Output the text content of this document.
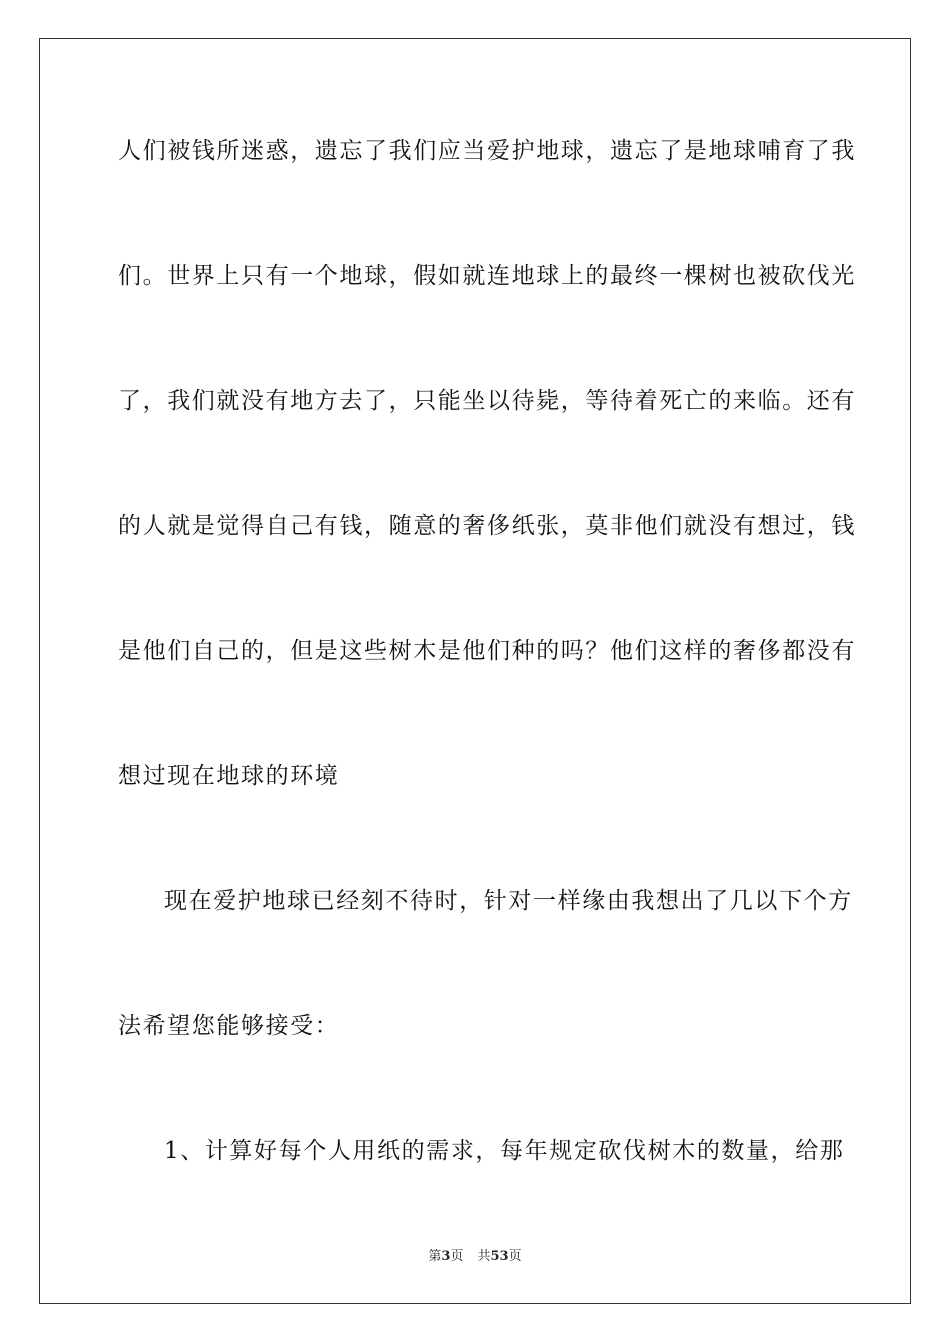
人们被钱所迷惑，遗忘了我们应当爱护地球，遗忘了是地球哺育了我
们。世界上只有一个地球，假如就连地球上的最终一棵树也被砍伐光
了，我们就没有地方去了，只能坐以待毙，等待着死亡的来临。还有
的人就是觉得自己有钱，随意的奢侈纸张，莫非他们就没有想过，钱
是他们自己的，但是这些树木是他们种的吗？他们这样的奢侈都没有
想过现在地球的环境
现在爱护地球已经刻不待时，针对一样缘由我想出了几以下个方
法希望您能够接受：
1、计算好每个人用纸的需求，每年规定砍伐树木的数量，给那
第3页 共53页
